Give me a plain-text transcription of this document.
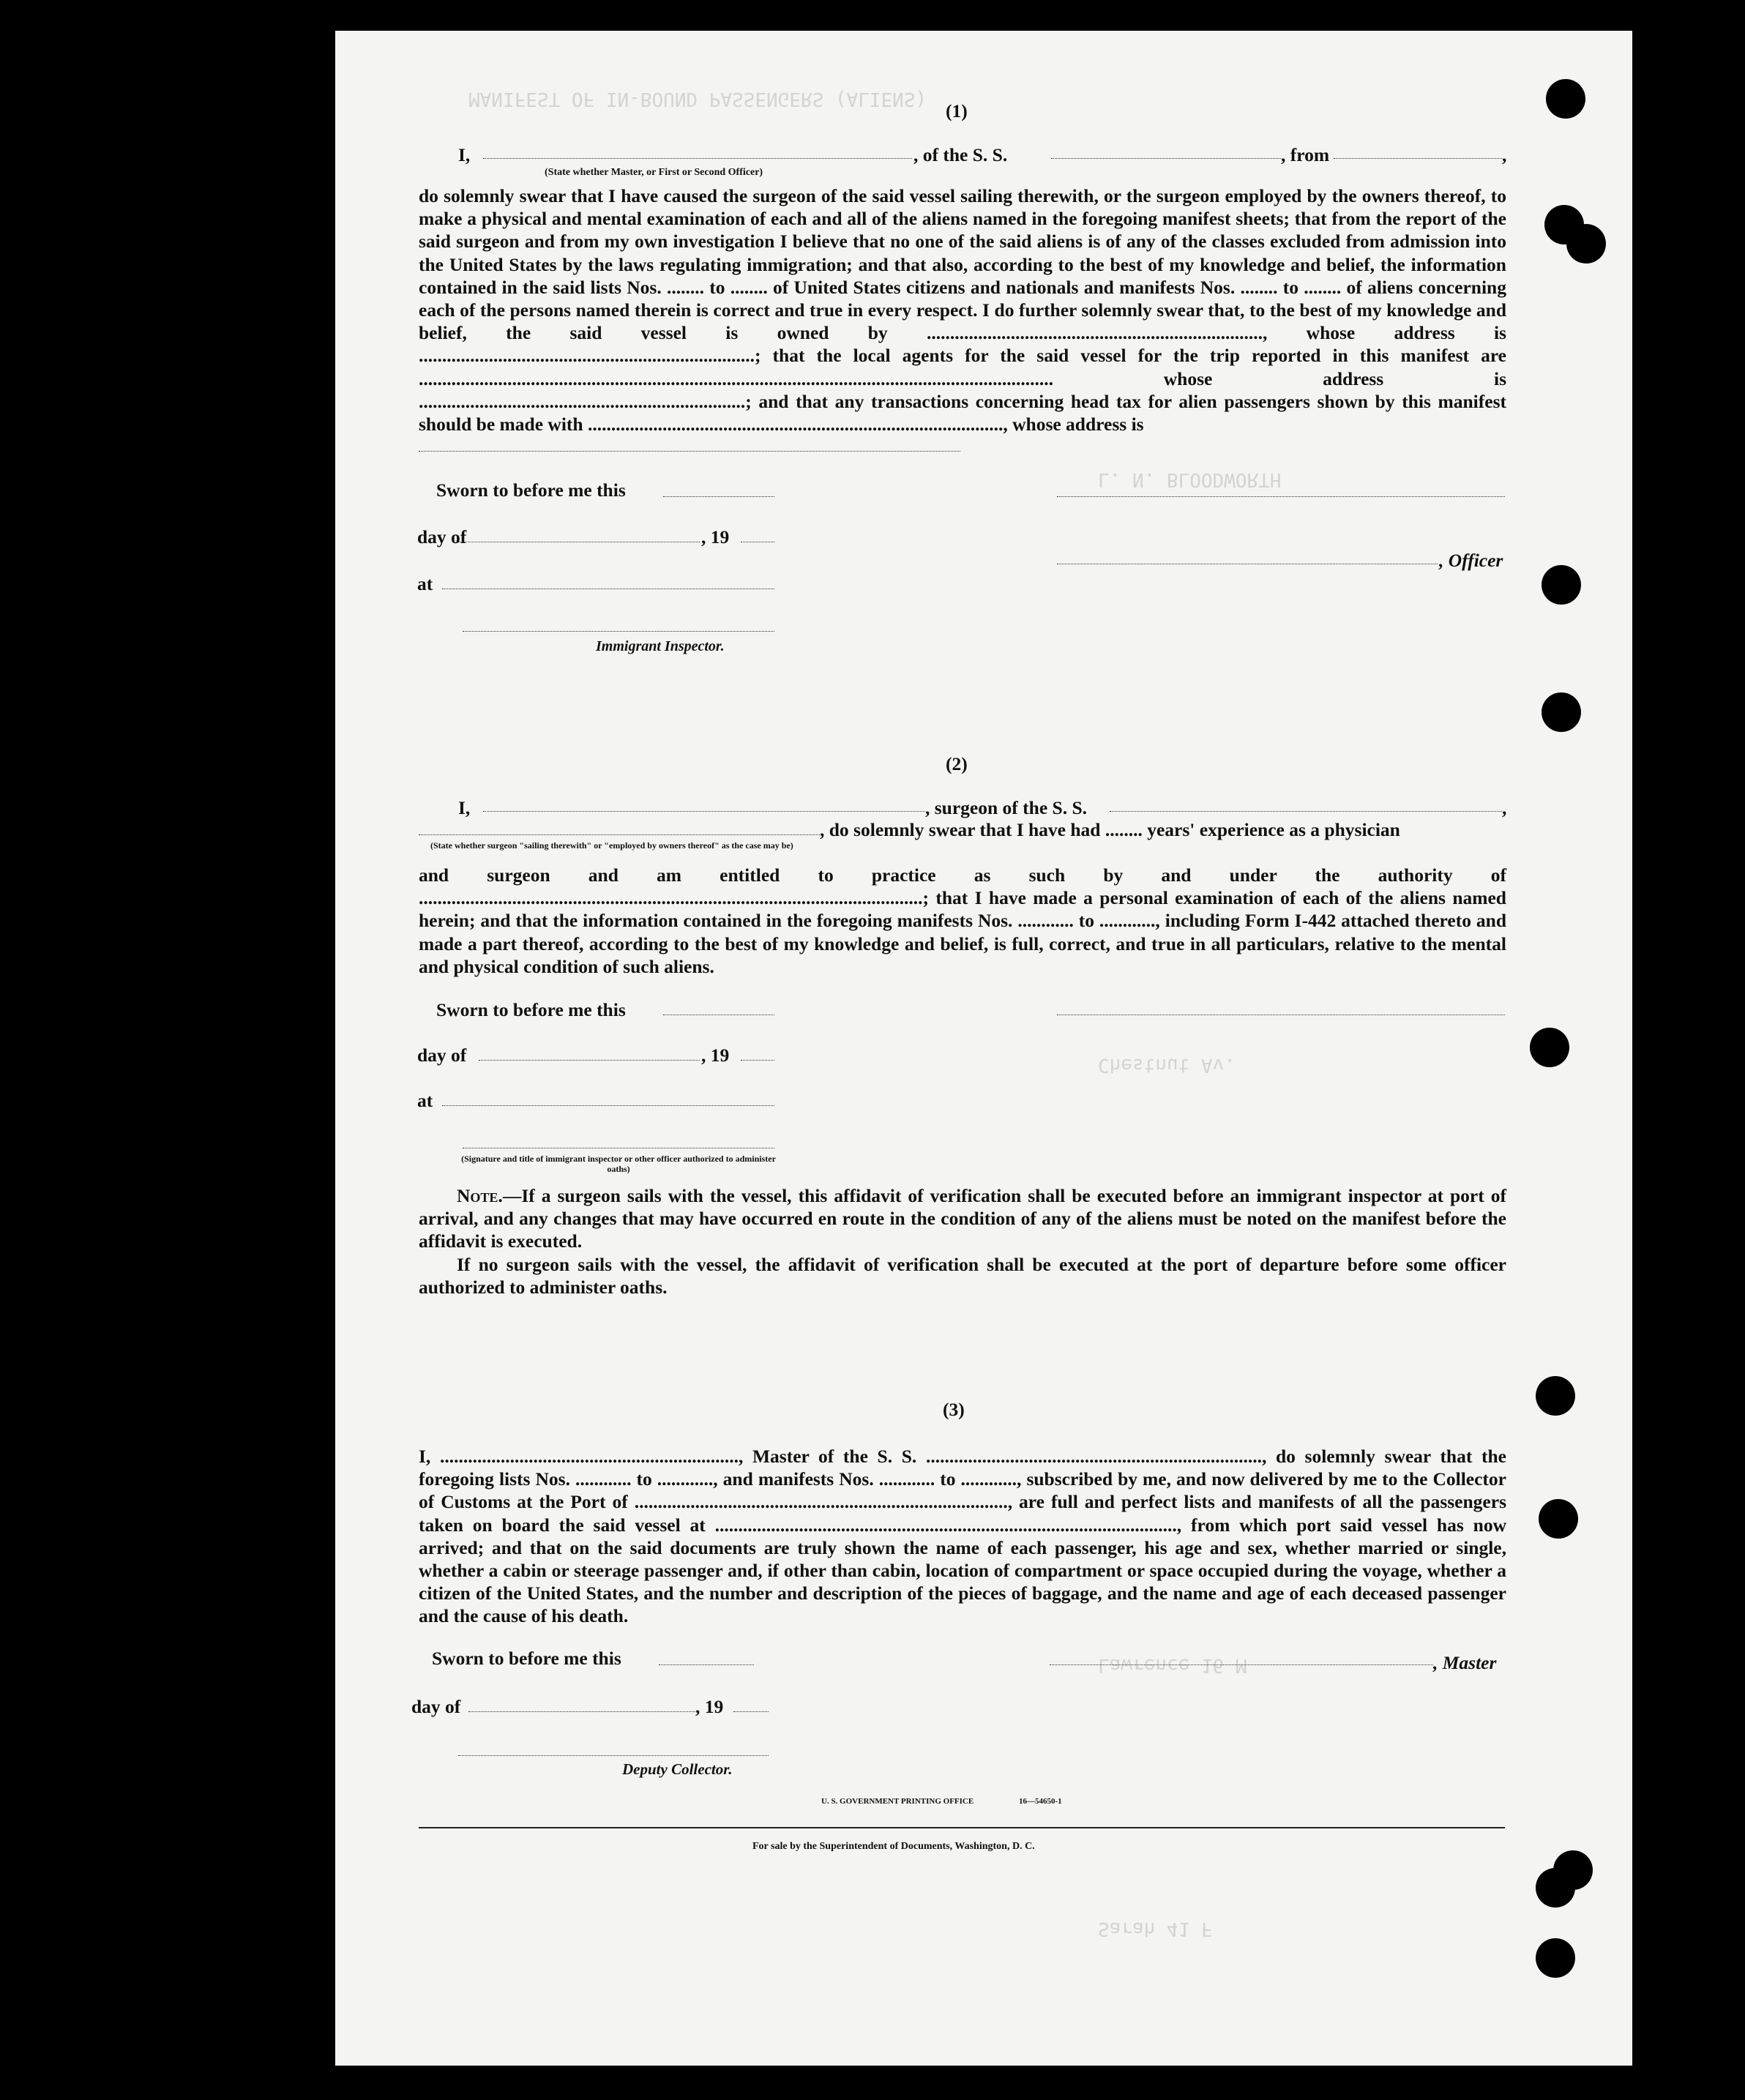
MANIFEST OF IN-BOUND PASSENGERS (ALIENS)
L. N. BLOODWORTH
Chestnut Av.
Lawrence 16 M
Sarah 41 F
(1)
I,	, of the S. S.	, from	,
(State whether Master, or First or Second Officer)
do solemnly swear that I have caused the surgeon of the said vessel sailing therewith, or the surgeon employed by the owners thereof, to make a physical and mental examination of each and all of the aliens named in the foregoing manifest sheets; that from the report of the said surgeon and from my own investigation I believe that no one of the said aliens is of any of the classes excluded from admission into the United States by the laws regulating immigration; and that also, according to the best of my knowledge and belief, the information contained in the said lists Nos. ........ to ........ of United States citizens and nationals and manifests Nos. ........ to ........ of aliens concerning each of the persons named therein is correct and true in every respect. I do further solemnly swear that, to the best of my knowledge and belief, the said vessel is owned by ........................................................................, whose address is ........................................................................; that the local agents for the said vessel for the trip reported in this manifest are ........................................................................................................................................ whose address is ......................................................................; and that any transactions concerning head tax for alien passengers shown by this manifest should be made with ........................................................................................., whose address is
Sworn to before me this
day of	, 19
, Officer
at
Immigrant Inspector.
(2)
I,	, surgeon of the S. S.	,
, do solemnly swear that I have had ........ years' experience as a physician
(State whether surgeon "sailing therewith" or "employed by owners thereof" as the case may be)
and surgeon and am entitled to practice as such by and under the authority of ............................................................................................................; that I have made a personal examination of each of the aliens named herein; and that the information contained in the foregoing manifests Nos. ............ to ............, including Form I-442 attached thereto and made a part thereof, according to the best of my knowledge and belief, is full, correct, and true in all particulars, relative to the mental and physical condition of such aliens.
Sworn to before me this
day of	, 19
at
(Signature and title of immigrant inspector or other officer authorized to administer oaths)
Note.—If a surgeon sails with the vessel, this affidavit of verification shall be executed before an immigrant inspector at port of arrival, and any changes that may have occurred en route in the condition of any of the aliens must be noted on the manifest before the affidavit is executed.
If no surgeon sails with the vessel, the affidavit of verification shall be executed at the port of departure before some officer authorized to administer oaths.
(3)
I, ................................................................, Master of the S. S. ........................................................................, do solemnly swear that the foregoing lists Nos. ............ to ............, and manifests Nos. ............ to ............, subscribed by me, and now delivered by me to the Collector of Customs at the Port of ................................................................................, are full and perfect lists and manifests of all the passengers taken on board the said vessel at ..................................................................................................., from which port said vessel has now arrived; and that on the said documents are truly shown the name of each passenger, his age and sex, whether married or single, whether a cabin or steerage passenger and, if other than cabin, location of compartment or space occupied during the voyage, whether a citizen of the United States, and the number and description of the pieces of baggage, and the name and age of each deceased passenger and the cause of his death.
Sworn to before me this	, Master
day of	, 19
Deputy Collector.
U. S. GOVERNMENT PRINTING OFFICE	16—54650-1
For sale by the Superintendent of Documents, Washington, D. C.
